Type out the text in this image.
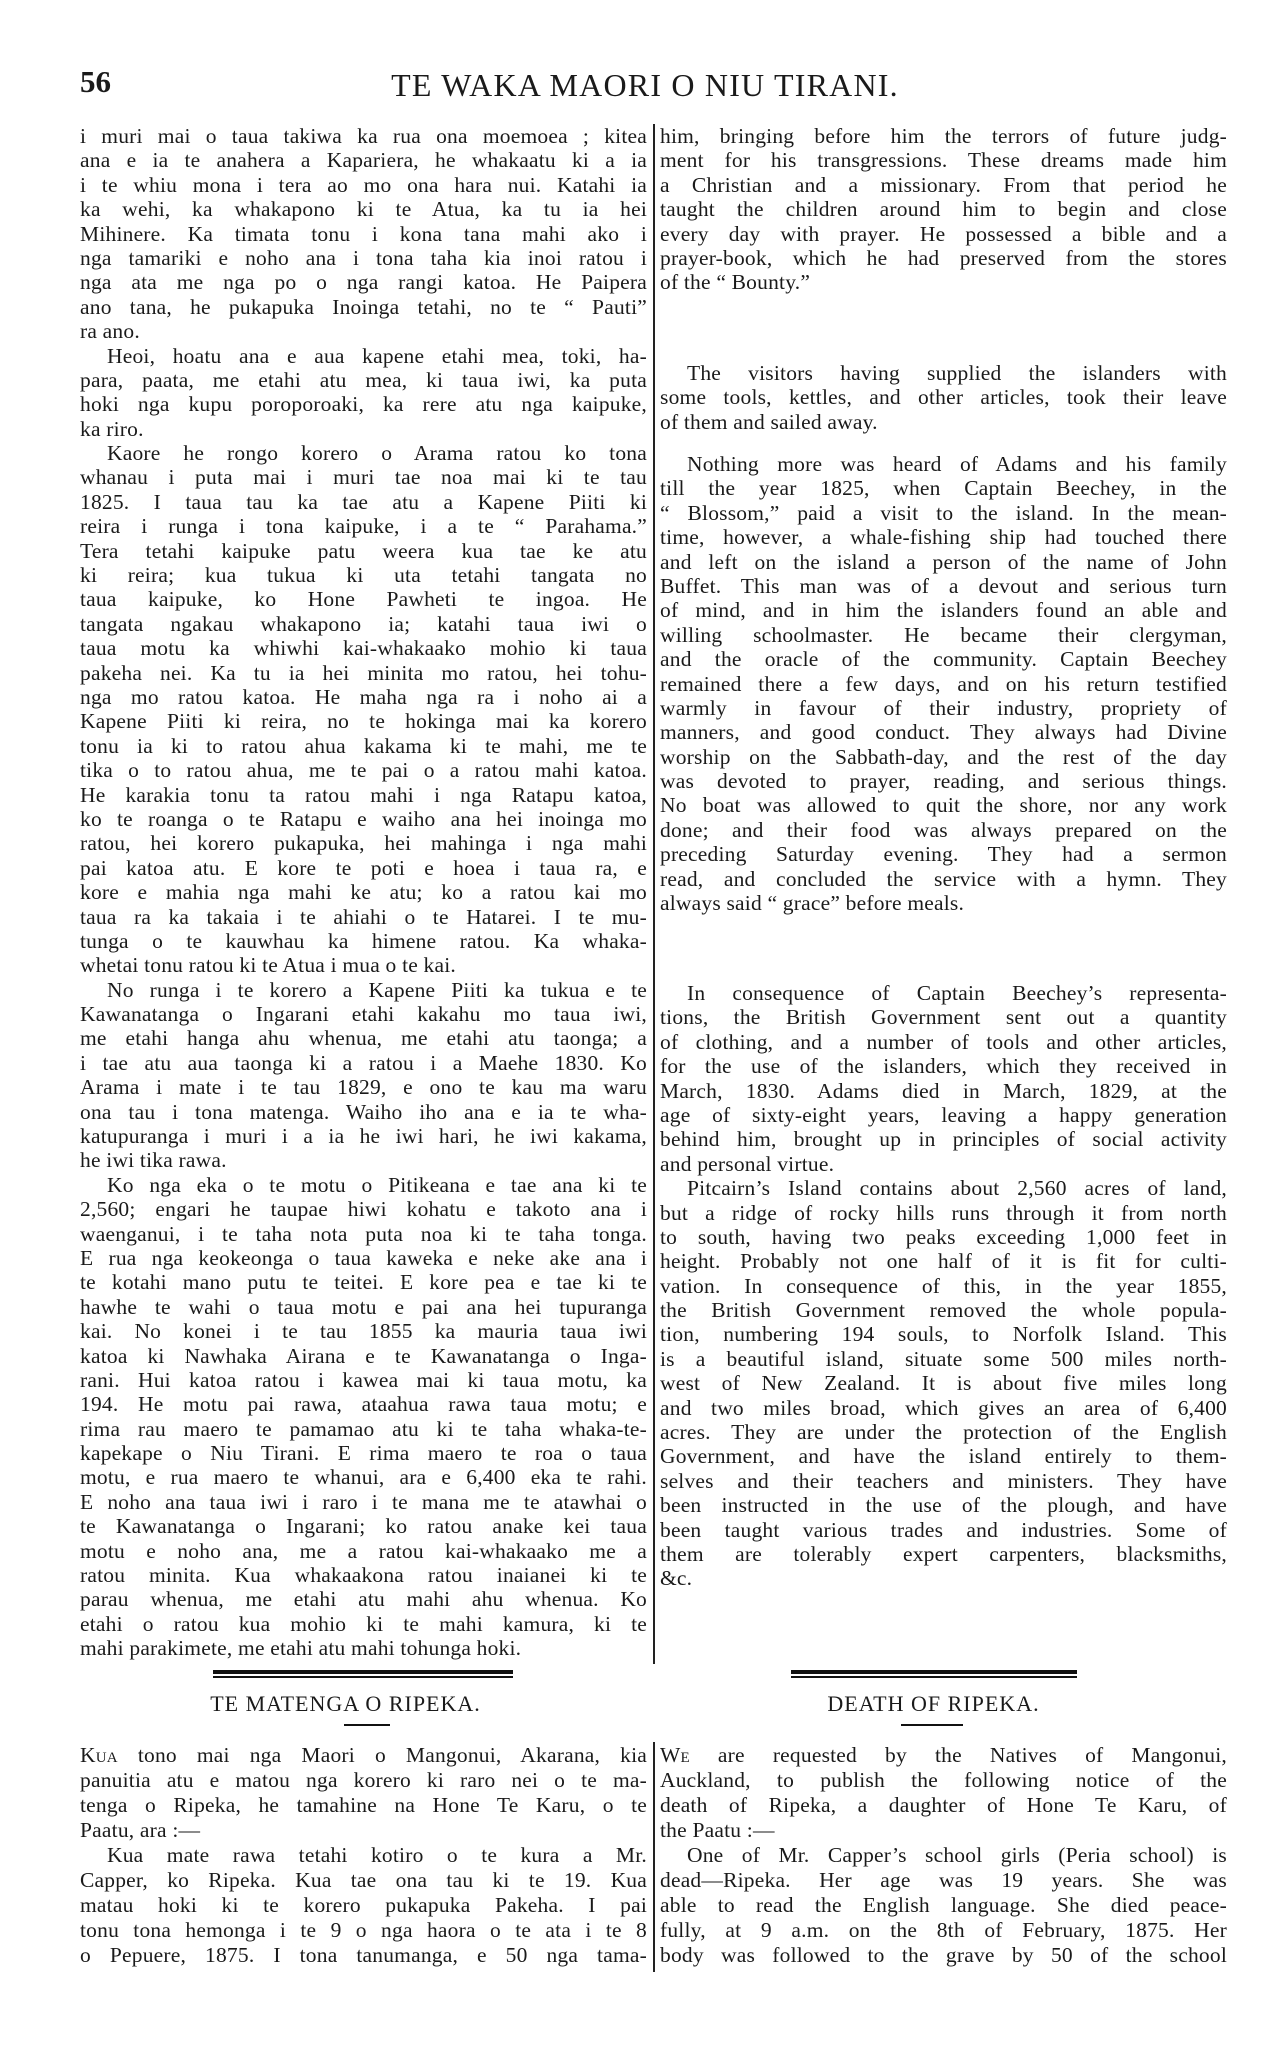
56	TE WAKA MAORI O NIU TIRANI.
i muri mai o taua takiwa ka rua ona moemoea ; kitea
ana e ia te anahera a Kapariera, he whakaatu ki a ia
i te whiu mona i tera ao mo ona hara nui. Katahi ia
ka wehi, ka whakapono ki te Atua, ka tu ia hei
Mihinere. Ka timata tonu i kona tana mahi ako i
nga tamariki e noho ana i tona taha kia inoi ratou i
nga ata me nga po o nga rangi katoa. He Paipera
ano tana, he pukapuka Inoinga tetahi, no te “ Pauti”
ra ano.
Heoi, hoatu ana e aua kapene etahi mea, toki, ha-
para, paata, me etahi atu mea, ki taua iwi, ka puta
hoki nga kupu poroporoaki, ka rere atu nga kaipuke,
ka riro.
Kaore he rongo korero o Arama ratou ko tona
whanau i puta mai i muri tae noa mai ki te tau
1825. I taua tau ka tae atu a Kapene Piiti ki
reira i runga i tona kaipuke, i a te “ Parahama.”
Tera tetahi kaipuke patu weera kua tae ke atu
ki reira; kua tukua ki uta tetahi tangata no
taua kaipuke, ko Hone Pawheti te ingoa. He
tangata ngakau whakapono ia; katahi taua iwi o
taua motu ka whiwhi kai-whakaako mohio ki taua
pakeha nei. Ka tu ia hei minita mo ratou, hei tohu-
nga mo ratou katoa. He maha nga ra i noho ai a
Kapene Piiti ki reira, no te hokinga mai ka korero
tonu ia ki to ratou ahua kakama ki te mahi, me te
tika o to ratou ahua, me te pai o a ratou mahi katoa.
He karakia tonu ta ratou mahi i nga Ratapu katoa,
ko te roanga o te Ratapu e waiho ana hei inoinga mo
ratou, hei korero pukapuka, hei mahinga i nga mahi
pai katoa atu. E kore te poti e hoea i taua ra, e
kore e mahia nga mahi ke atu; ko a ratou kai mo
taua ra ka takaia i te ahiahi o te Hatarei. I te mu-
tunga o te kauwhau ka himene ratou. Ka whaka-
whetai tonu ratou ki te Atua i mua o te kai.
No runga i te korero a Kapene Piiti ka tukua e te
Kawanatanga o Ingarani etahi kakahu mo taua iwi,
me etahi hanga ahu whenua, me etahi atu taonga; a
i tae atu aua taonga ki a ratou i a Maehe 1830. Ko
Arama i mate i te tau 1829, e ono te kau ma waru
ona tau i tona matenga. Waiho iho ana e ia te wha-
katupuranga i muri i a ia he iwi hari, he iwi kakama,
he iwi tika rawa.
Ko nga eka o te motu o Pitikeana e tae ana ki te
2,560; engari he taupae hiwi kohatu e takoto ana i
waenganui, i te taha nota puta noa ki te taha tonga.
E rua nga keokeonga o taua kaweka e neke ake ana i
te kotahi mano putu te teitei. E kore pea e tae ki te
hawhe te wahi o taua motu e pai ana hei tupuranga
kai. No konei i te tau 1855 ka mauria taua iwi
katoa ki Nawhaka Airana e te Kawanatanga o Inga-
rani. Hui katoa ratou i kawea mai ki taua motu, ka
194. He motu pai rawa, ataahua rawa taua motu; e
rima rau maero te pamamao atu ki te taha whaka-te-
kapekape o Niu Tirani. E rima maero te roa o taua
motu, e rua maero te whanui, ara e 6,400 eka te rahi.
E noho ana taua iwi i raro i te mana me te atawhai o
te Kawanatanga o Ingarani; ko ratou anake kei taua
motu e noho ana, me a ratou kai-whakaako me a
ratou minita. Kua whakaakona ratou inaianei ki te
parau whenua, me etahi atu mahi ahu whenua. Ko
etahi o ratou kua mohio ki te mahi kamura, ki te
mahi parakimete, me etahi atu mahi tohunga hoki.
him, bringing before him the terrors of future judg-
ment for his transgressions. These dreams made him
a Christian and a missionary. From that period he
taught the children around him to begin and close
every day with prayer. He possessed a bible and a
prayer-book, which he had preserved from the stores
of the “ Bounty.”
The visitors having supplied the islanders with
some tools, kettles, and other articles, took their leave
of them and sailed away.
Nothing more was heard of Adams and his family
till the year 1825, when Captain Beechey, in the
“ Blossom,” paid a visit to the island. In the mean-
time, however, a whale-fishing ship had touched there
and left on the island a person of the name of John
Buffet. This man was of a devout and serious turn
of mind, and in him the islanders found an able and
willing schoolmaster. He became their clergyman,
and the oracle of the community. Captain Beechey
remained there a few days, and on his return testified
warmly in favour of their industry, propriety of
manners, and good conduct. They always had Divine
worship on the Sabbath-day, and the rest of the day
was devoted to prayer, reading, and serious things.
No boat was allowed to quit the shore, nor any work
done; and their food was always prepared on the
preceding Saturday evening. They had a sermon
read, and concluded the service with a hymn. They
always said “ grace” before meals.
In consequence of Captain Beechey’s representa-
tions, the British Government sent out a quantity
of clothing, and a number of tools and other articles,
for the use of the islanders, which they received in
March, 1830. Adams died in March, 1829, at the
age of sixty-eight years, leaving a happy generation
behind him, brought up in principles of social activity
and personal virtue.
Pitcairn’s Island contains about 2,560 acres of land,
but a ridge of rocky hills runs through it from north
to south, having two peaks exceeding 1,000 feet in
height. Probably not one half of it is fit for culti-
vation. In consequence of this, in the year 1855,
the British Government removed the whole popula-
tion, numbering 194 souls, to Norfolk Island. This
is a beautiful island, situate some 500 miles north-
west of New Zealand. It is about five miles long
and two miles broad, which gives an area of 6,400
acres. They are under the protection of the English
Government, and have the island entirely to them-
selves and their teachers and ministers. They have
been instructed in the use of the plough, and have
been taught various trades and industries. Some of
them are tolerably expert carpenters, blacksmiths,
&c.
TE MATENGA O RIPEKA.
Kua tono mai nga Maori o Mangonui, Akarana, kia
panuitia atu e matou nga korero ki raro nei o te ma-
tenga o Ripeka, he tamahine na Hone Te Karu, o te
Paatu, ara :—
Kua mate rawa tetahi kotiro o te kura a Mr.
Capper, ko Ripeka. Kua tae ona tau ki te 19. Kua
matau hoki ki te korero pukapuka Pakeha. I pai
tonu tona hemonga i te 9 o nga haora o te ata i te 8
o Pepuere, 1875. I tona tanumanga, e 50 nga tama-
DEATH OF RIPEKA.
We are requested by the Natives of Mangonui,
Auckland, to publish the following notice of the
death of Ripeka, a daughter of Hone Te Karu, of
the Paatu :—
One of Mr. Capper’s school girls (Peria school) is
dead—Ripeka. Her age was 19 years. She was
able to read the English language. She died peace-
fully, at 9 a.m. on the 8th of February, 1875. Her
body was followed to the grave by 50 of the school
